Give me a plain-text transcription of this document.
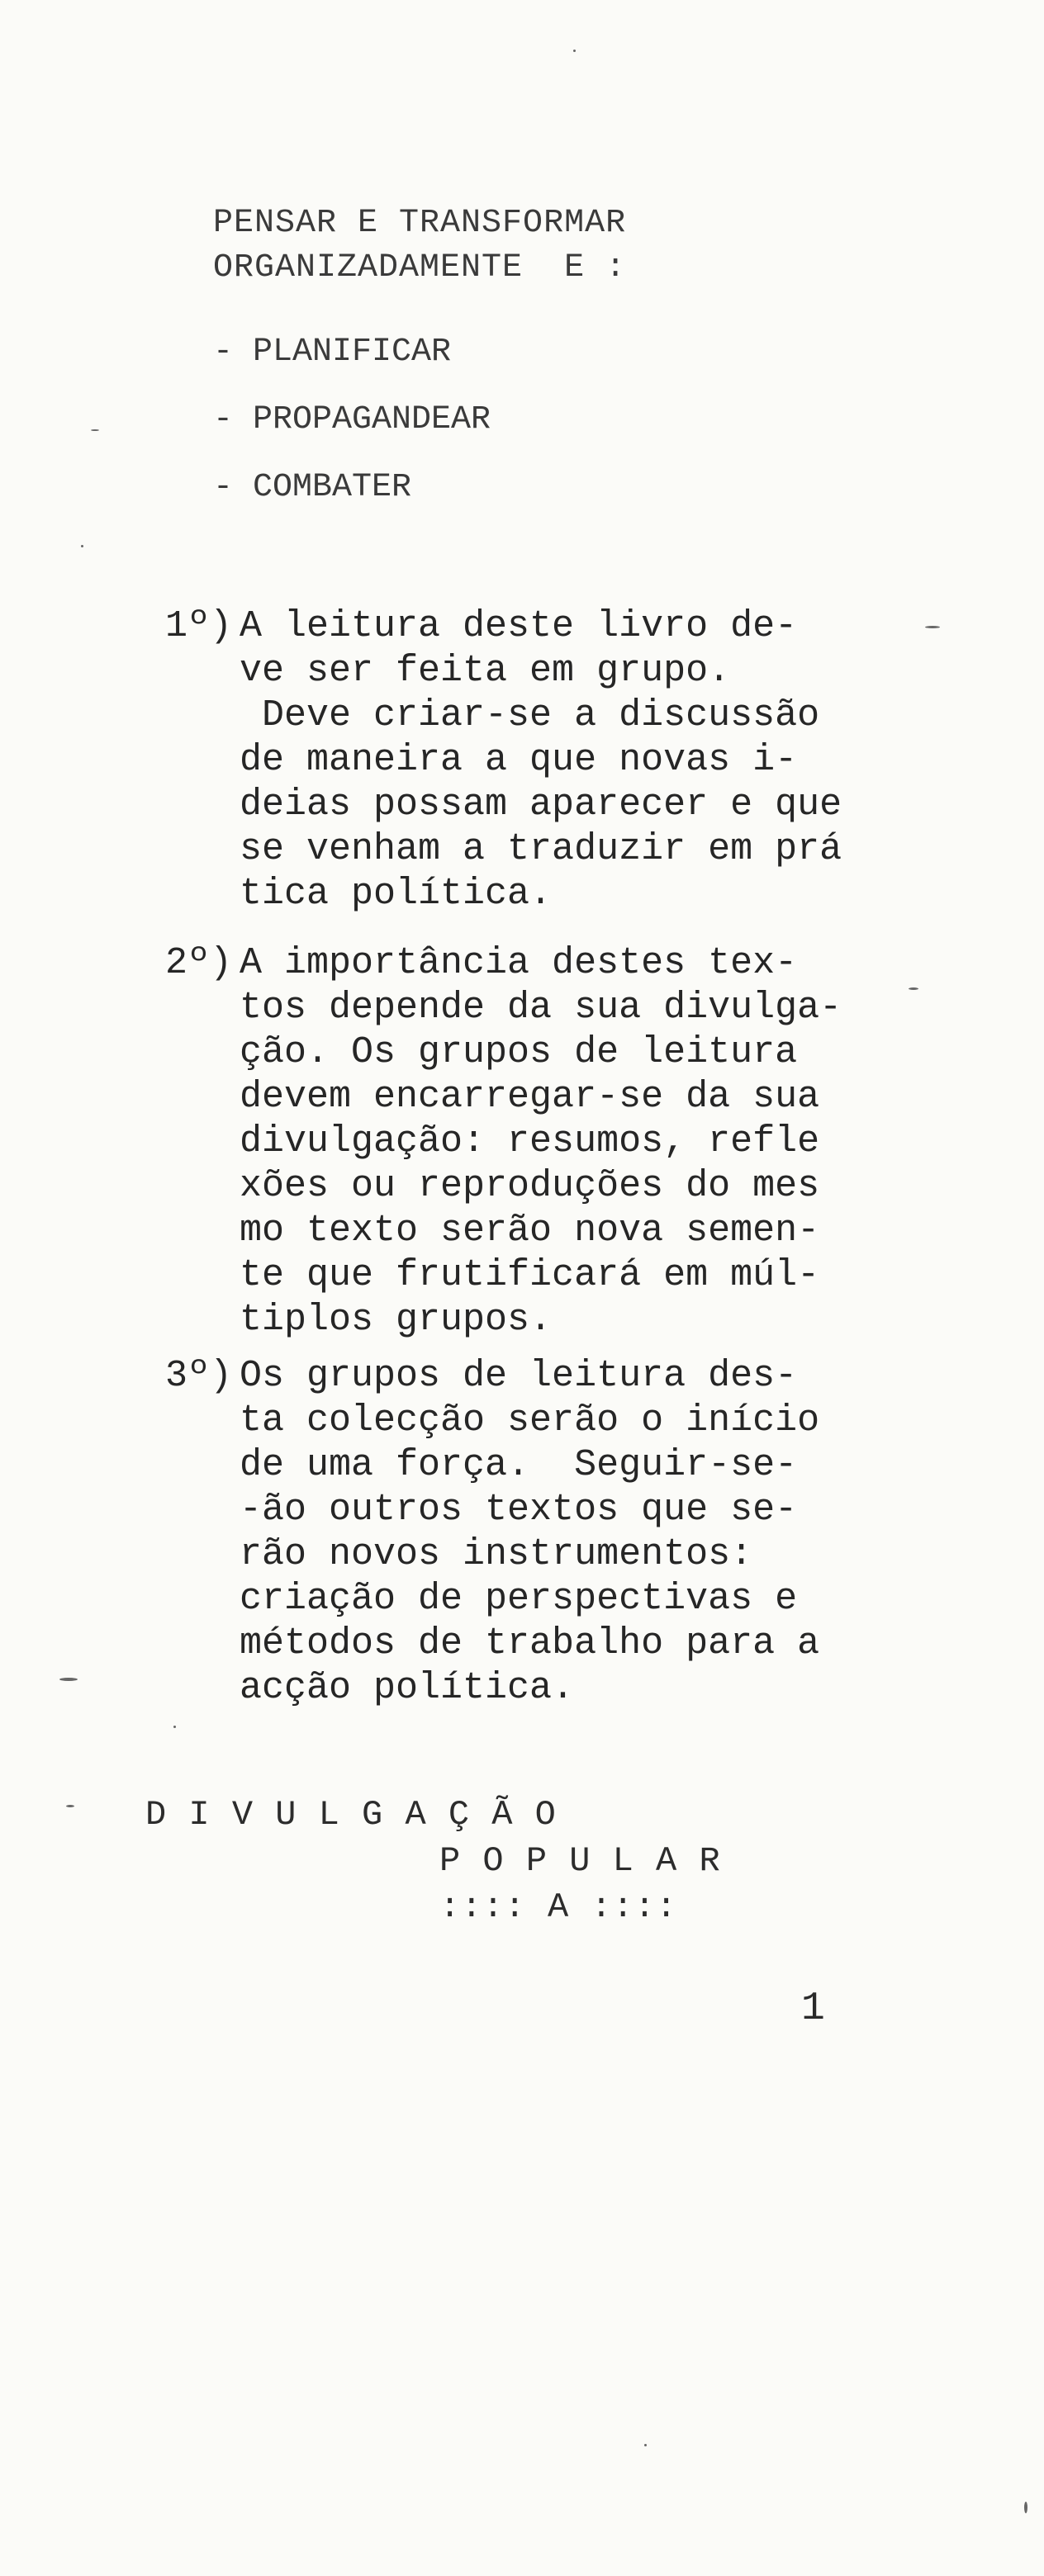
PENSAR E TRANSFORMAR
ORGANIZADAMENTE  E :
- PLANIFICAR
- PROPAGANDEAR
- COMBATER
1º) A leitura deste livro de-
ve ser feita em grupo.
Deve criar-se a discussão
de maneira a que novas i-
deias possam aparecer e que
se venham a traduzir em prá
tica política.
2º) A importância destes tex-
tos depende da sua divulga-
ção. Os grupos de leitura
devem encarregar-se da sua
divulgação: resumos, refle
xões ou reproduções do mes
mo texto serão nova semen-
te que frutificará em múl-
tiplos grupos.
3º) Os grupos de leitura des-
ta colecção serão o início
de uma força.  Seguir-se-
-ão outros textos que se-
rão novos instrumentos:
criação de perspectivas e
métodos de trabalho para a
acção política.
D I V U L G A Ç Ã O
P O P U L A R
:::: A ::::
1
